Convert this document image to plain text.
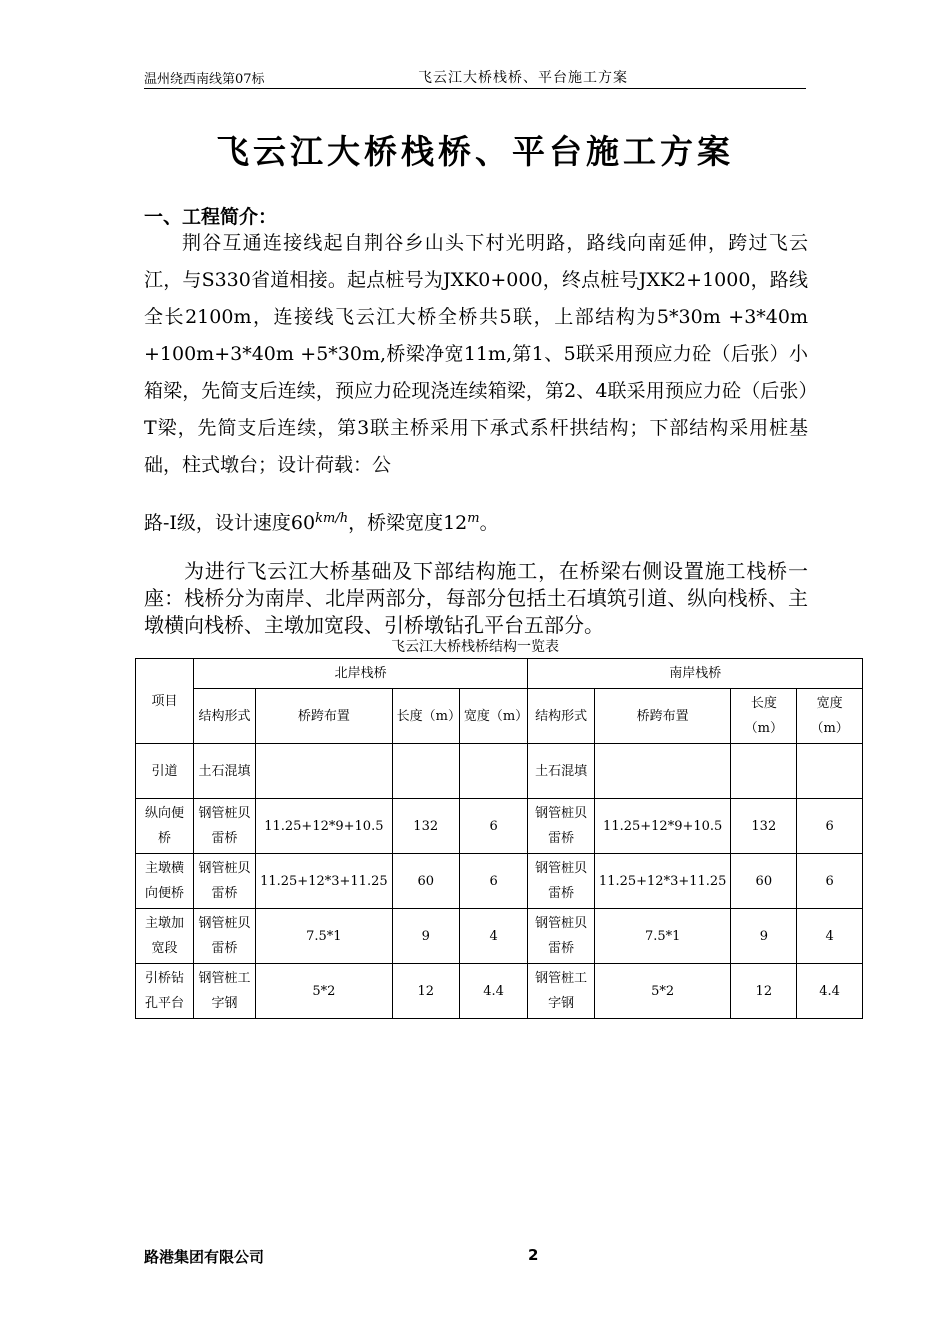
温州绕西南线第07标	飞云江大桥栈桥、平台施工方案
飞云江大桥栈桥、平台施工方案
一、工程简介：

荆谷互通连接线起自荆谷乡山头下村光明路，路线向南延伸，跨过飞云江，与S330省道相接。起点桩号为JXK0+000，终点桩号JXK2+1000，路线全长2100m，连接线飞云江大桥全桥共5联，上部结构为5*30m +3*40m +100m+3*40m +5*30m,桥梁净宽11m,第1、5联采用预应力砼（后张）小箱梁，先简支后连续，预应力砼现浇连续箱梁，第2、4联采用预应力砼（后张）T梁，先简支后连续，第3联主桥采用下承式系杆拱结构；下部结构采用桩基础，柱式墩台；设计荷载：公

路-Ⅰ级，设计速度$60^{km/h}$，桥梁宽度12$^m$。

为进行飞云江大桥基础及下部结构施工，在桥梁右侧设置施工栈桥一座：栈桥分为南岸、北岸两部分，每部分包括土石填筑引道、纵向栈桥、主墩横向栈桥、主墩加宽段、引桥墩钻孔平台五部分。

飞云江大桥栈桥结构一览表
项目	北岸栈桥				南岸栈桥			
	结构形式	桥跨布置	长度（m）	宽度（m）	结构形式	桥跨布置	长度（m）	宽度（m）
引道	土石混填				土石混填			
纵向便桥	钢管桩贝雷桥	11.25+12*9+10.5	132	6	钢管桩贝雷桥	11.25+12*9+10.5	132	6
主墩横向便桥	钢管桩贝雷桥	11.25+12*3+11.25	60	6	钢管桩贝雷桥	11.25+12*3+11.25	60	6
主墩加宽段	钢管桩贝雷桥	7.5*1	9	4	钢管桩贝雷桥	7.5*1	9	4
引桥钻孔平台	钢管桩工字钢	5*2	12	4.4	钢管桩工字钢	5*2	12	4.4
路港集团有限公司	2
